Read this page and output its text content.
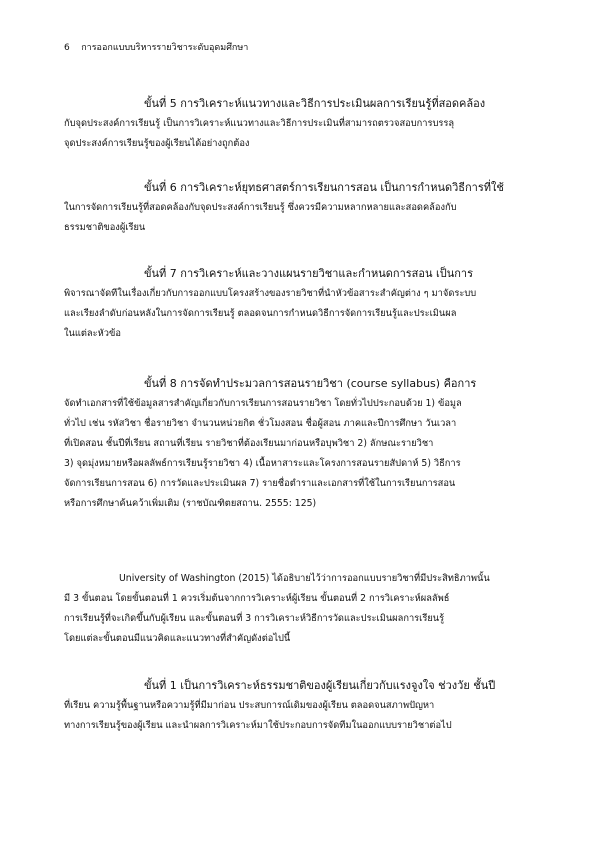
6 การออกแบบบริหารรายวิชาระดับอุดมศึกษา
ขั้นที่ 5 การวิเคราะห์แนวทางและวิธีการประเมินผลการเรียนรู้ที่สอดคล้อง
กับจุดประสงค์การเรียนรู้ เป็นการวิเคราะห์แนวทางและวิธีการประเมินที่สามารถตรวจสอบการบรรลุ
จุดประสงค์การเรียนรู้ของผู้เรียนได้อย่างถูกต้อง
ขั้นที่ 6 การวิเคราะห์ยุทธศาสตร์การเรียนการสอน เป็นการกำหนดวิธีการที่ใช้
ในการจัดการเรียนรู้ที่สอดคล้องกับจุดประสงค์การเรียนรู้ ซึ่งควรมีความหลากหลายและสอดคล้องกับ
ธรรมชาติของผู้เรียน
ขั้นที่ 7 การวิเคราะห์และวางแผนรายวิชาและกำหนดการสอน เป็นการ
พิจารณาจัดทีในเรื่องเกี่ยวกับการออกแบบโครงสร้างของรายวิชาที่นำหัวข้อสาระสำคัญต่าง ๆ มาจัดระบบ
และเรียงลำดับก่อนหลังในการจัดการเรียนรู้ ตลอดจนการกำหนดวิธีการจัดการเรียนรู้และประเมินผล
ในแต่ละหัวข้อ
ขั้นที่ 8 การจัดทำประมวลการสอนรายวิชา (course syllabus) คือการ
จัดทำเอกสารที่ใช้ข้อมูลสารสำคัญเกี่ยวกับการเรียนการสอนรายวิชา โดยทั่วไปประกอบด้วย 1) ข้อมูล
ทั่วไป เช่น รหัสวิชา ชื่อรายวิชา จำนวนหน่วยกิต ชั่วโมงสอน ชื่อผู้สอน ภาคและปีการศึกษา วันเวลา
ที่เปิดสอน ชั้นปีที่เรียน สถานที่เรียน รายวิชาที่ต้องเรียนมาก่อนหรือบุพวิชา 2) ลักษณะรายวิชา
3) จุดมุ่งหมายหรือผลลัพธ์การเรียนรู้รายวิชา 4) เนื้อหาสาระและโครงการสอนรายสัปดาห์ 5) วิธีการ
จัดการเรียนการสอน 6) การวัดและประเมินผล 7) รายชื่อตำราและเอกสารที่ใช้ในการเรียนการสอน
หรือการศึกษาค้นคว้าเพิ่มเติม (ราชบัณฑิตยสถาน. 2555: 125)
University of Washington (2015) ได้อธิบายไว้ว่าการออกแบบรายวิชาที่มีประสิทธิภาพนั้น
มี 3 ขั้นตอน โดยขั้นตอนที่ 1 ควรเริ่มต้นจากการวิเคราะห์ผู้เรียน ขั้นตอนที่ 2 การวิเคราะห์ผลลัพธ์
การเรียนรู้ที่จะเกิดขึ้นกับผู้เรียน และขั้นตอนที่ 3 การวิเคราะห์วิธีการวัดและประเมินผลการเรียนรู้
โดยแต่ละขั้นตอนมีแนวคิดและแนวทางที่สำคัญดังต่อไปนี้
ขั้นที่ 1 เป็นการวิเคราะห์ธรรมชาติของผู้เรียนเกี่ยวกับแรงจูงใจ ช่วงวัย ชั้นปี
ที่เรียน ความรู้พื้นฐานหรือความรู้ที่มีมาก่อน ประสบการณ์เดิมของผู้เรียน ตลอดจนสภาพปัญหา
ทางการเรียนรู้ของผู้เรียน และนำผลการวิเคราะห์มาใช้ประกอบการจัดทีมในออกแบบรายวิชาต่อไป
